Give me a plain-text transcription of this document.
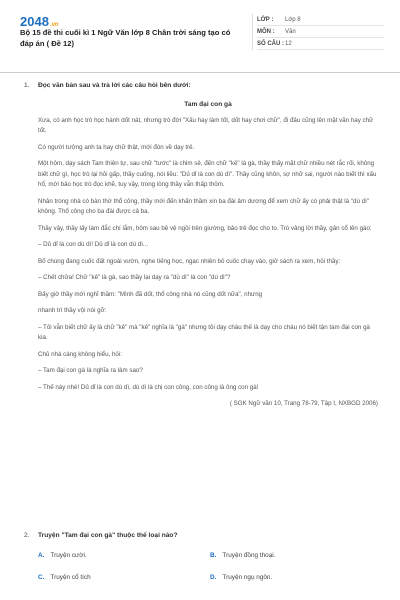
2048.vn
Bộ 15 đề thi cuối kì 1 Ngữ Văn lớp 8 Chân trời sáng tạo có đáp án ( Đề 12)
LỚP :	Lớp 8
MÔN :	Văn
SỐ CÂU : 12
1. Đọc văn bản sau và trả lời các câu hỏi bên dưới:
Tam đại con gà

Xưa, có anh học trò học hành dốt nát, nhưng trò đời "Xấu hay làm tốt, dốt hay chơi chữ", đi đâu cũng lên mặt văn hay chữ tốt.

Có người tưởng anh ta hay chữ thật, mới đón về dạy trẻ.

Một hôm, dạy sách Tam thiên tự, sau chữ "tước" là chim sẻ, đến chữ "kê" là gà, thầy thấy mặt chữ nhiều nét rắc rối, không biết chữ gì, học trò lại hỏi gấp, thầy cuống, nói liều: "Dủ dỉ là con dù dì". Thầy cũng khôn, sợ nhỡ sai, người nào biết thì xấu hổ, mới bảo học trò đọc khẽ, tuy vậy, trong lòng thầy vẫn thấp thỏm.

Nhân trong nhà có bàn thờ thổ công, thầy mới đến khấn thầm xin ba đài âm dương để xem chữ ấy có phải thật là "dù dì" không. Thổ công cho ba đài được cả ba.

Thầy vậy, thầy lấy làm đắc chí lắm, hôm sau bệ vệ ngồi trên giường, bảo trẻ đọc cho to. Trò vâng lời thầy, gân cổ lên gào:

– Dủ dỉ là con dù dì! Dủ dỉ là con dù dì...

Bố chúng đang cuốc đất ngoài vườn, nghe tiếng học, ngạc nhiên bỏ cuốc chạy vào, giở sách ra xem, hỏi thầy:

– Chết chửa! Chữ "kê" là gà, sao thầy lại dạy ra "dù dì" là con "dù dì"?

Bấy giờ thầy mới nghĩ thầm: "Mình đã dốt, thổ công nhà nó cũng dốt nữa", nhưng

nhanh trí thầy vội nói gỡ:

– Tôi vẫn biết chữ ấy là chữ "kê" mà "kê" nghĩa là "gà" nhưng tôi dạy cháu thế là dạy cho cháu nó biết tận tam đại con gà kia.

Chủ nhà càng không hiểu, hỏi:

– Tam đại con gà là nghĩa ra làm sao?

– Thế này nhé! Dủ dỉ là con dù dì, dù dì là chị con công, con công là ông con gà!

( SGK Ngữ văn 10, Trang 78-79, Tập I, NXBGD 2006)
2. Truyện "Tam đại con gà" thuộc thể loại nào?
A. Truyện cười.	B. Truyện đồng thoại.
C. Truyện cổ tích	D. Truyện ngụ ngôn.
